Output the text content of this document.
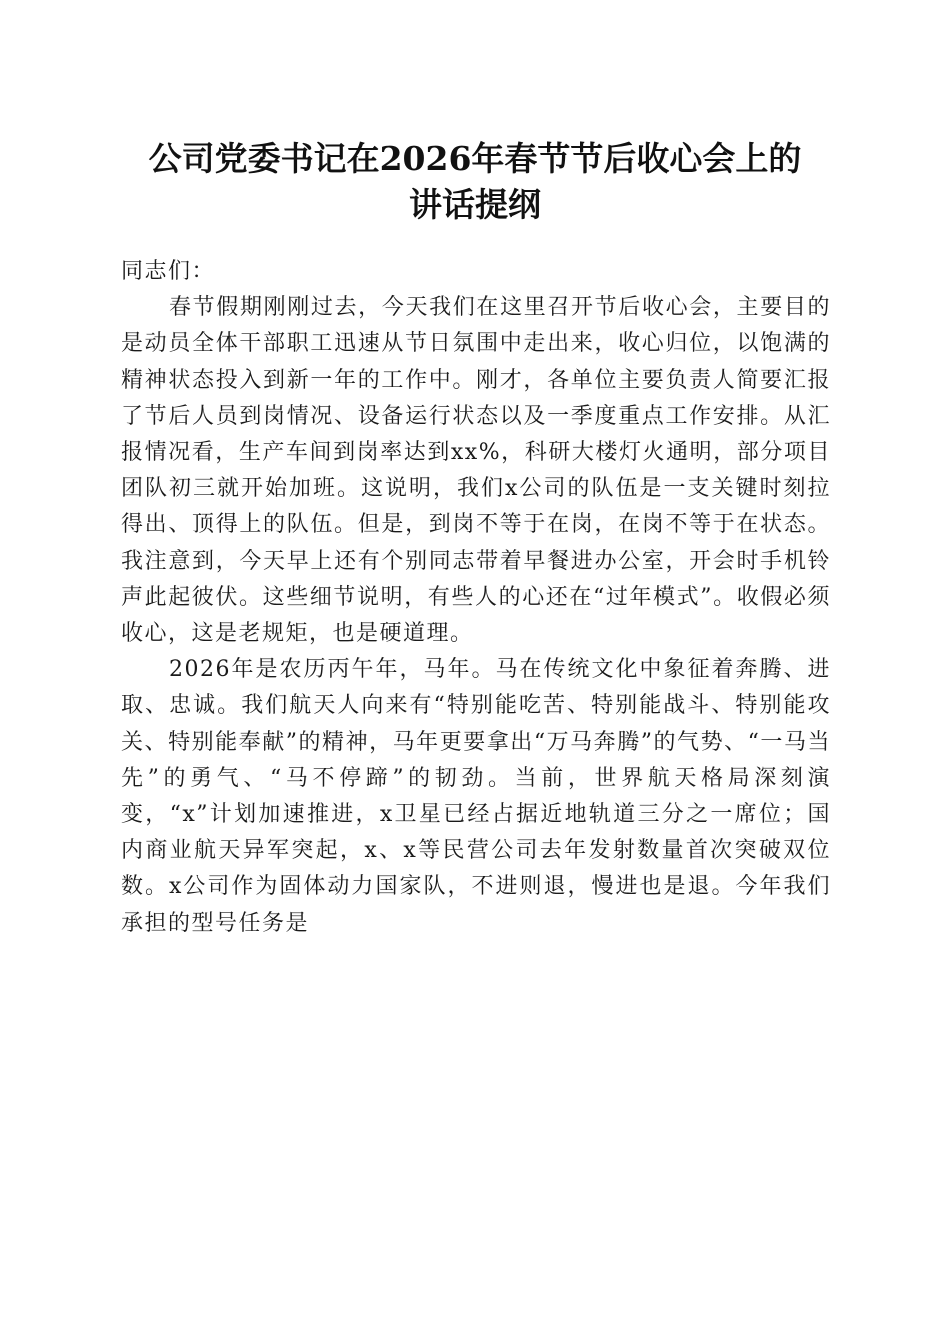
公司党委书记在2026年春节节后收心会上的
讲话提纲

同志们：

春节假期刚刚过去，今天我们在这里召开节后收心会，主要目的是动员全体干部职工迅速从节日氛围中走出来，收心归位，以饱满的精神状态投入到新一年的工作中。刚才，各单位主要负责人简要汇报了节后人员到岗情况、设备运行状态以及一季度重点工作安排。从汇报情况看，生产车间到岗率达到xx%，科研大楼灯火通明，部分项目团队初三就开始加班。这说明，我们x公司的队伍是一支关键时刻拉得出、顶得上的队伍。但是，到岗不等于在岗，在岗不等于在状态。我注意到，今天早上还有个别同志带着早餐进办公室，开会时手机铃声此起彼伏。这些细节说明，有些人的心还在“过年模式”。收假必须收心，这是老规矩，也是硬道理。

2026年是农历丙午年，马年。马在传统文化中象征着奔腾、进取、忠诚。我们航天人向来有“特别能吃苦、特别能战斗、特别能攻关、特别能奉献”的精神，马年更要拿出“万马奔腾”的气势、“一马当先”的勇气、“马不停蹄”的韧劲。当前，世界航天格局深刻演变，“x”计划加速推进，x卫星已经占据近地轨道三分之一席位；国内商业航天异军突起，x、x等民营公司去年发射数量首次突破双位数。x公司作为固体动力国家队，不进则退，慢进也是退。今年我们承担的型号任务是
